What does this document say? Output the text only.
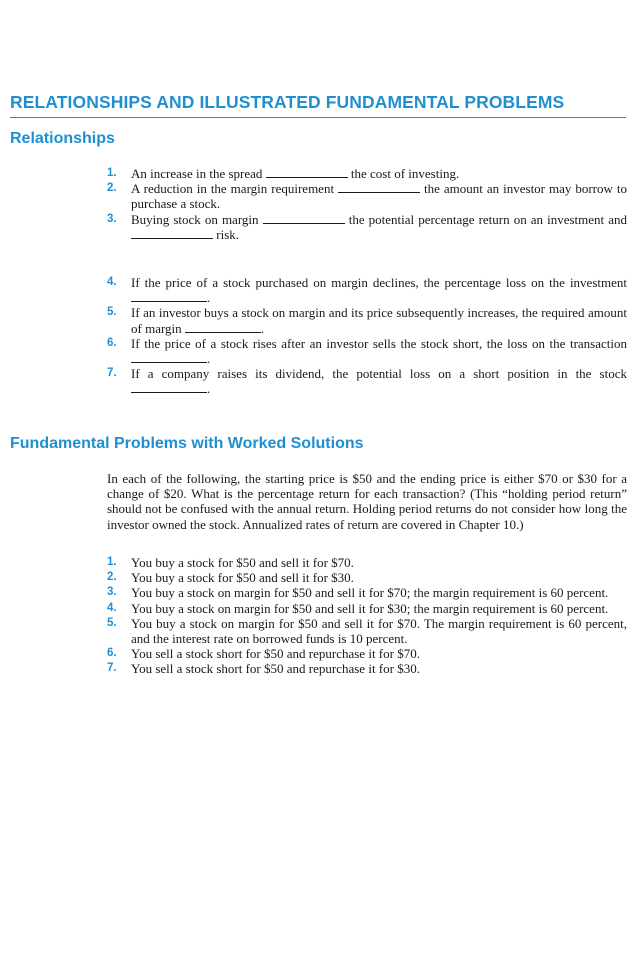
RELATIONSHIPS AND ILLUSTRATED FUNDAMENTAL PROBLEMS
Relationships
1. An increase in the spread	the cost of investing.
2. A reduction in the margin requirement	the amount an investor may borrow to purchase a stock.
3. Buying stock on margin	the potential percentage return on an investment and  risk.
4. If the price of a stock purchased on margin declines, the percentage loss on the investment .
5. If an investor buys a stock on margin and its price subsequently increases, the required amount of margin	.
6. If the price of a stock rises after an investor sells the stock short, the loss on the transaction .
7. If a company raises its dividend, the potential loss on a short position in the stock .
Fundamental Problems with Worked Solutions

In each of the following, the starting price is $50 and the ending price is either $70 or $30 for a change of $20. What is the percentage return for each transaction? (This “holding period return” should not be confused with the annual return. Holding period returns do not consider how long the investor owned the stock. Annualized rates of return are covered in Chapter 10.)

1. You buy a stock for $50 and sell it for $70.
2. You buy a stock for $50 and sell it for $30.
3. You buy a stock on margin for $50 and sell it for $70; the margin requirement is 60 percent.
4. You buy a stock on margin for $50 and sell it for $30; the margin requirement is 60 percent.
5. You buy a stock on margin for $50 and sell it for $70. The margin requirement is 60 percent, and the interest rate on borrowed funds is 10 percent.
6. You sell a stock short for $50 and repurchase it for $70.
7. You sell a stock short for $50 and repurchase it for $30.
